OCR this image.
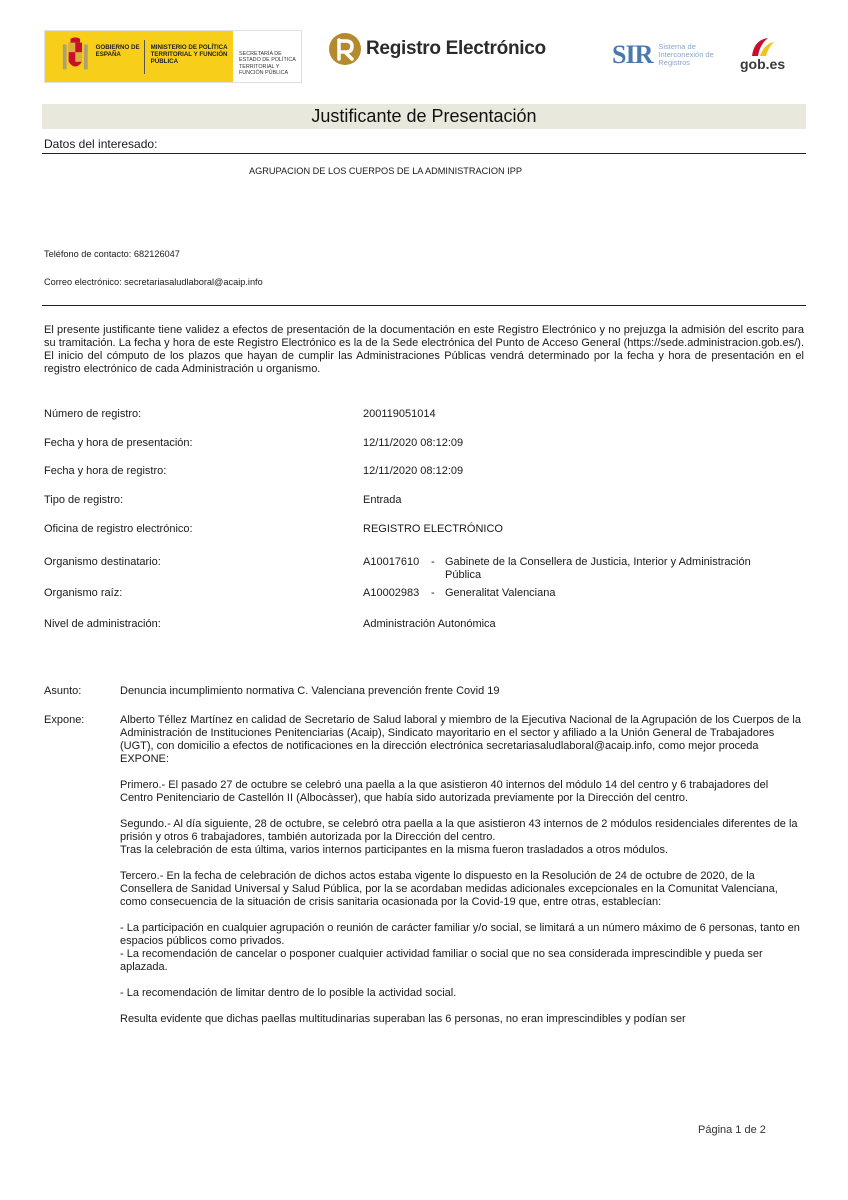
GOBIERNO DE ESPAÑA
MINISTERIO DE POLÍTICA TERRITORIAL Y FUNCIÓN PÚBLICA
SECRETARÍA DE ESTADO DE POLÍTICA TERRITORIAL Y FUNCIÓN PÚBLICA
Registro Electrónico	SIR Sistema de Interconexión de Registros	gob.es
Justificante de Presentación
Datos del interesado:
AGRUPACION DE LOS CUERPOS DE LA ADMINISTRACION IPP
Teléfono de contacto: 682126047
Correo electrónico: secretariasaludlaboral@acaip.info
El presente justificante tiene validez a efectos de presentación de la documentación en este Registro Electrónico y no prejuzga la admisión del escrito para su tramitación. La fecha y hora de este Registro Electrónico es la de la Sede electrónica del Punto de Acceso General (https://sede.administracion.gob.es/). El inicio del cómputo de los plazos que hayan de cumplir las Administraciones Públicas vendrá determinado por la fecha y hora de presentación en el registro electrónico de cada Administración u organismo.
Número de registro:	200119051014
Fecha y hora de presentación:	12/11/2020 08:12:09
Fecha y hora de registro:	12/11/2020 08:12:09
Tipo de registro:	Entrada
Oficina de registro electrónico:	REGISTRO ELECTRÓNICO
Organismo destinatario:	A10017610 - Gabinete de la Consellera de Justicia, Interior y Administración Pública
Organismo raíz:	A10002983 - Generalitat Valenciana
Nivel de administración:	Administración Autonómica
Asunto:	Denuncia incumplimiento normativa C. Valenciana prevención frente Covid 19
Expone:	Alberto Téllez Martínez en calidad de Secretario de Salud laboral y miembro de la Ejecutiva Nacional de la Agrupación de los Cuerpos de la Administración de Instituciones Penitenciarias (Acaip), Sindicato mayoritario en el sector y afiliado a la Unión General de Trabajadores (UGT), con domicilio a efectos de notificaciones en la dirección electrónica secretariasaludlaboral@acaip.info, como mejor proceda EXPONE:

Primero.- El pasado 27 de octubre se celebró una paella a la que asistieron 40 internos del módulo 14 del centro y 6 trabajadores del Centro Penitenciario de Castellón II (Albocàsser), que había sido autorizada previamente por la Dirección del centro.

Segundo.- Al día siguiente, 28 de octubre, se celebró otra paella a la que asistieron 43 internos de 2 módulos residenciales diferentes de la prisión y otros 6 trabajadores, también autorizada por la Dirección del centro.

Tras la celebración de esta última, varios internos participantes en la misma fueron trasladados a otros módulos.

Tercero.- En la fecha de celebración de dichos actos estaba vigente lo dispuesto en la Resolución de 24 de octubre de 2020, de la Consellera de Sanidad Universal y Salud Pública, por la se acordaban medidas adicionales excepcionales en la Comunitat Valenciana, como consecuencia de la situación de crisis sanitaria ocasionada por la Covid-19 que, entre otras, establecían:

- La participación en cualquier agrupación o reunión de carácter familiar y/o social, se limitará a un número máximo de 6 personas, tanto en espacios públicos como privados.

- La recomendación de cancelar o posponer cualquier actividad familiar o social que no sea considerada imprescindible y pueda ser aplazada.

- La recomendación de limitar dentro de lo posible la actividad social.

Resulta evidente que dichas paellas multitudinarias superaban las 6 personas, no eran imprescindibles y podían ser

Página 1 de 2
